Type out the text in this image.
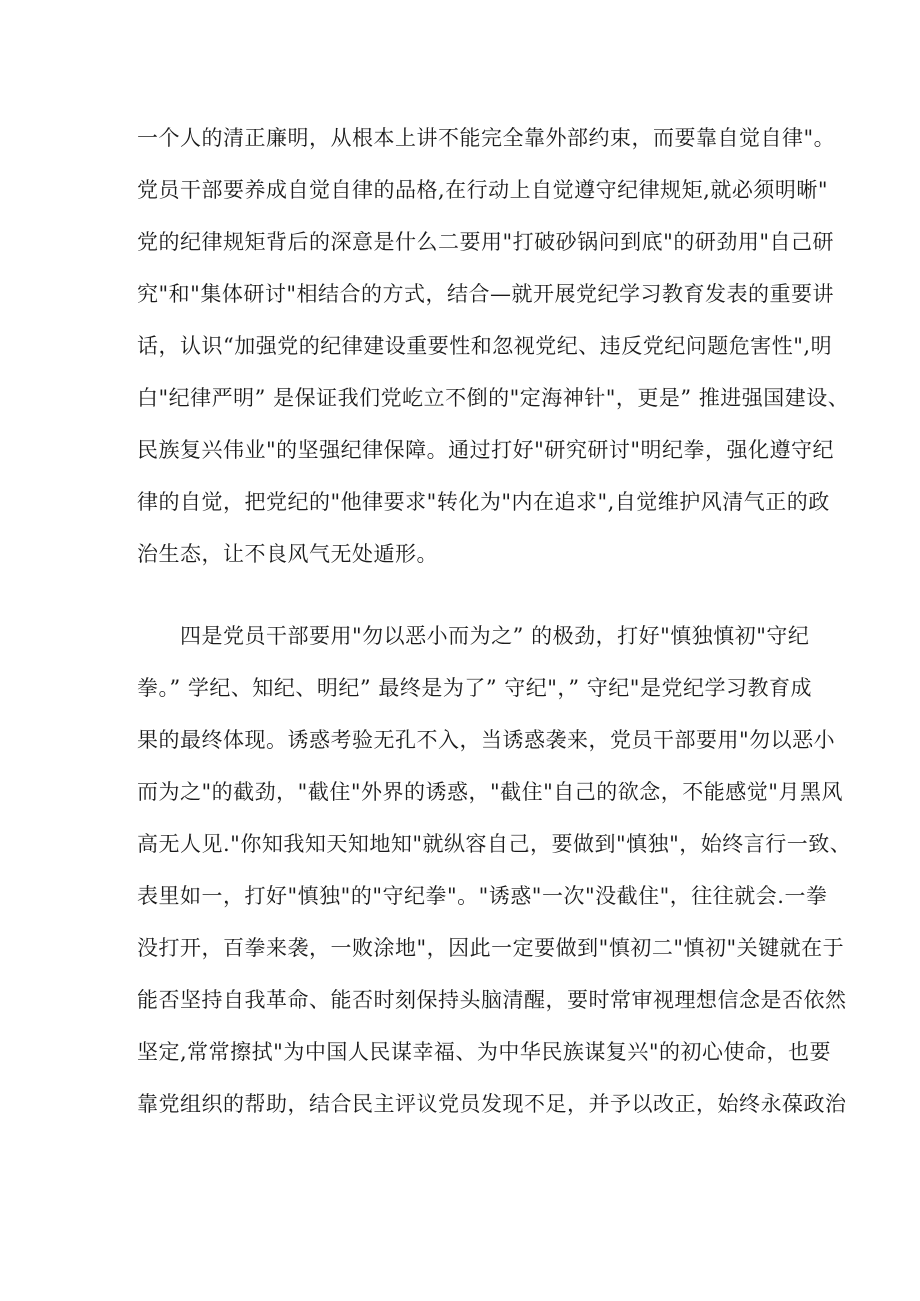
一个人的清正廉明，从根本上讲不能完全靠外部约束，而要靠自觉自律"。

党员干部要养成自觉自律的品格,在行动上自觉遵守纪律规矩,就必须明晰"

党的纪律规矩背后的深意是什么二要用"打破砂锅问到底"的研劲用"自己研

究"和"集体研讨"相结合的方式，结合—就开展党纪学习教育发表的重要讲

话，认识“加强党的纪律建设重要性和忽视党纪、违反党纪问题危害性",明

白"纪律严明” 是保证我们党屹立不倒的"定海神针"，更是” 推进强国建设、

民族复兴伟业"的坚强纪律保障。通过打好"研究研讨"明纪拳，强化遵守纪

律的自觉，把党纪的"他律要求"转化为"内在追求",自觉维护风清气正的政

治生态，让不良风气无处遁形。

四是党员干部要用"勿以恶小而为之” 的极劲，打好"慎独慎初"守纪

拳。” 学纪、知纪、明纪” 最终是为了” 守纪"，” 守纪"是党纪学习教育成

果的最终体现。诱惑考验无孔不入，当诱惑袭来，党员干部要用"勿以恶小

而为之"的截劲，"截住"外界的诱惑，"截住"自己的欲念，不能感觉"月黑风

高无人见."你知我知天知地知"就纵容自己，要做到"慎独"，始终言行一致、

表里如一，打好"慎独"的"守纪拳"。"诱惑"一次"没截住"，往往就会.一拳

没打开，百拳来袭，一败涂地"，因此一定要做到"慎初二"慎初"关键就在于

能否坚持自我革命、能否时刻保持头脑清醒，要时常审视理想信念是否依然

坚定,常常擦拭"为中国人民谋幸福、为中华民族谋复兴"的初心使命，也要

靠党组织的帮助，结合民主评议党员发现不足，并予以改正，始终永葆政治
